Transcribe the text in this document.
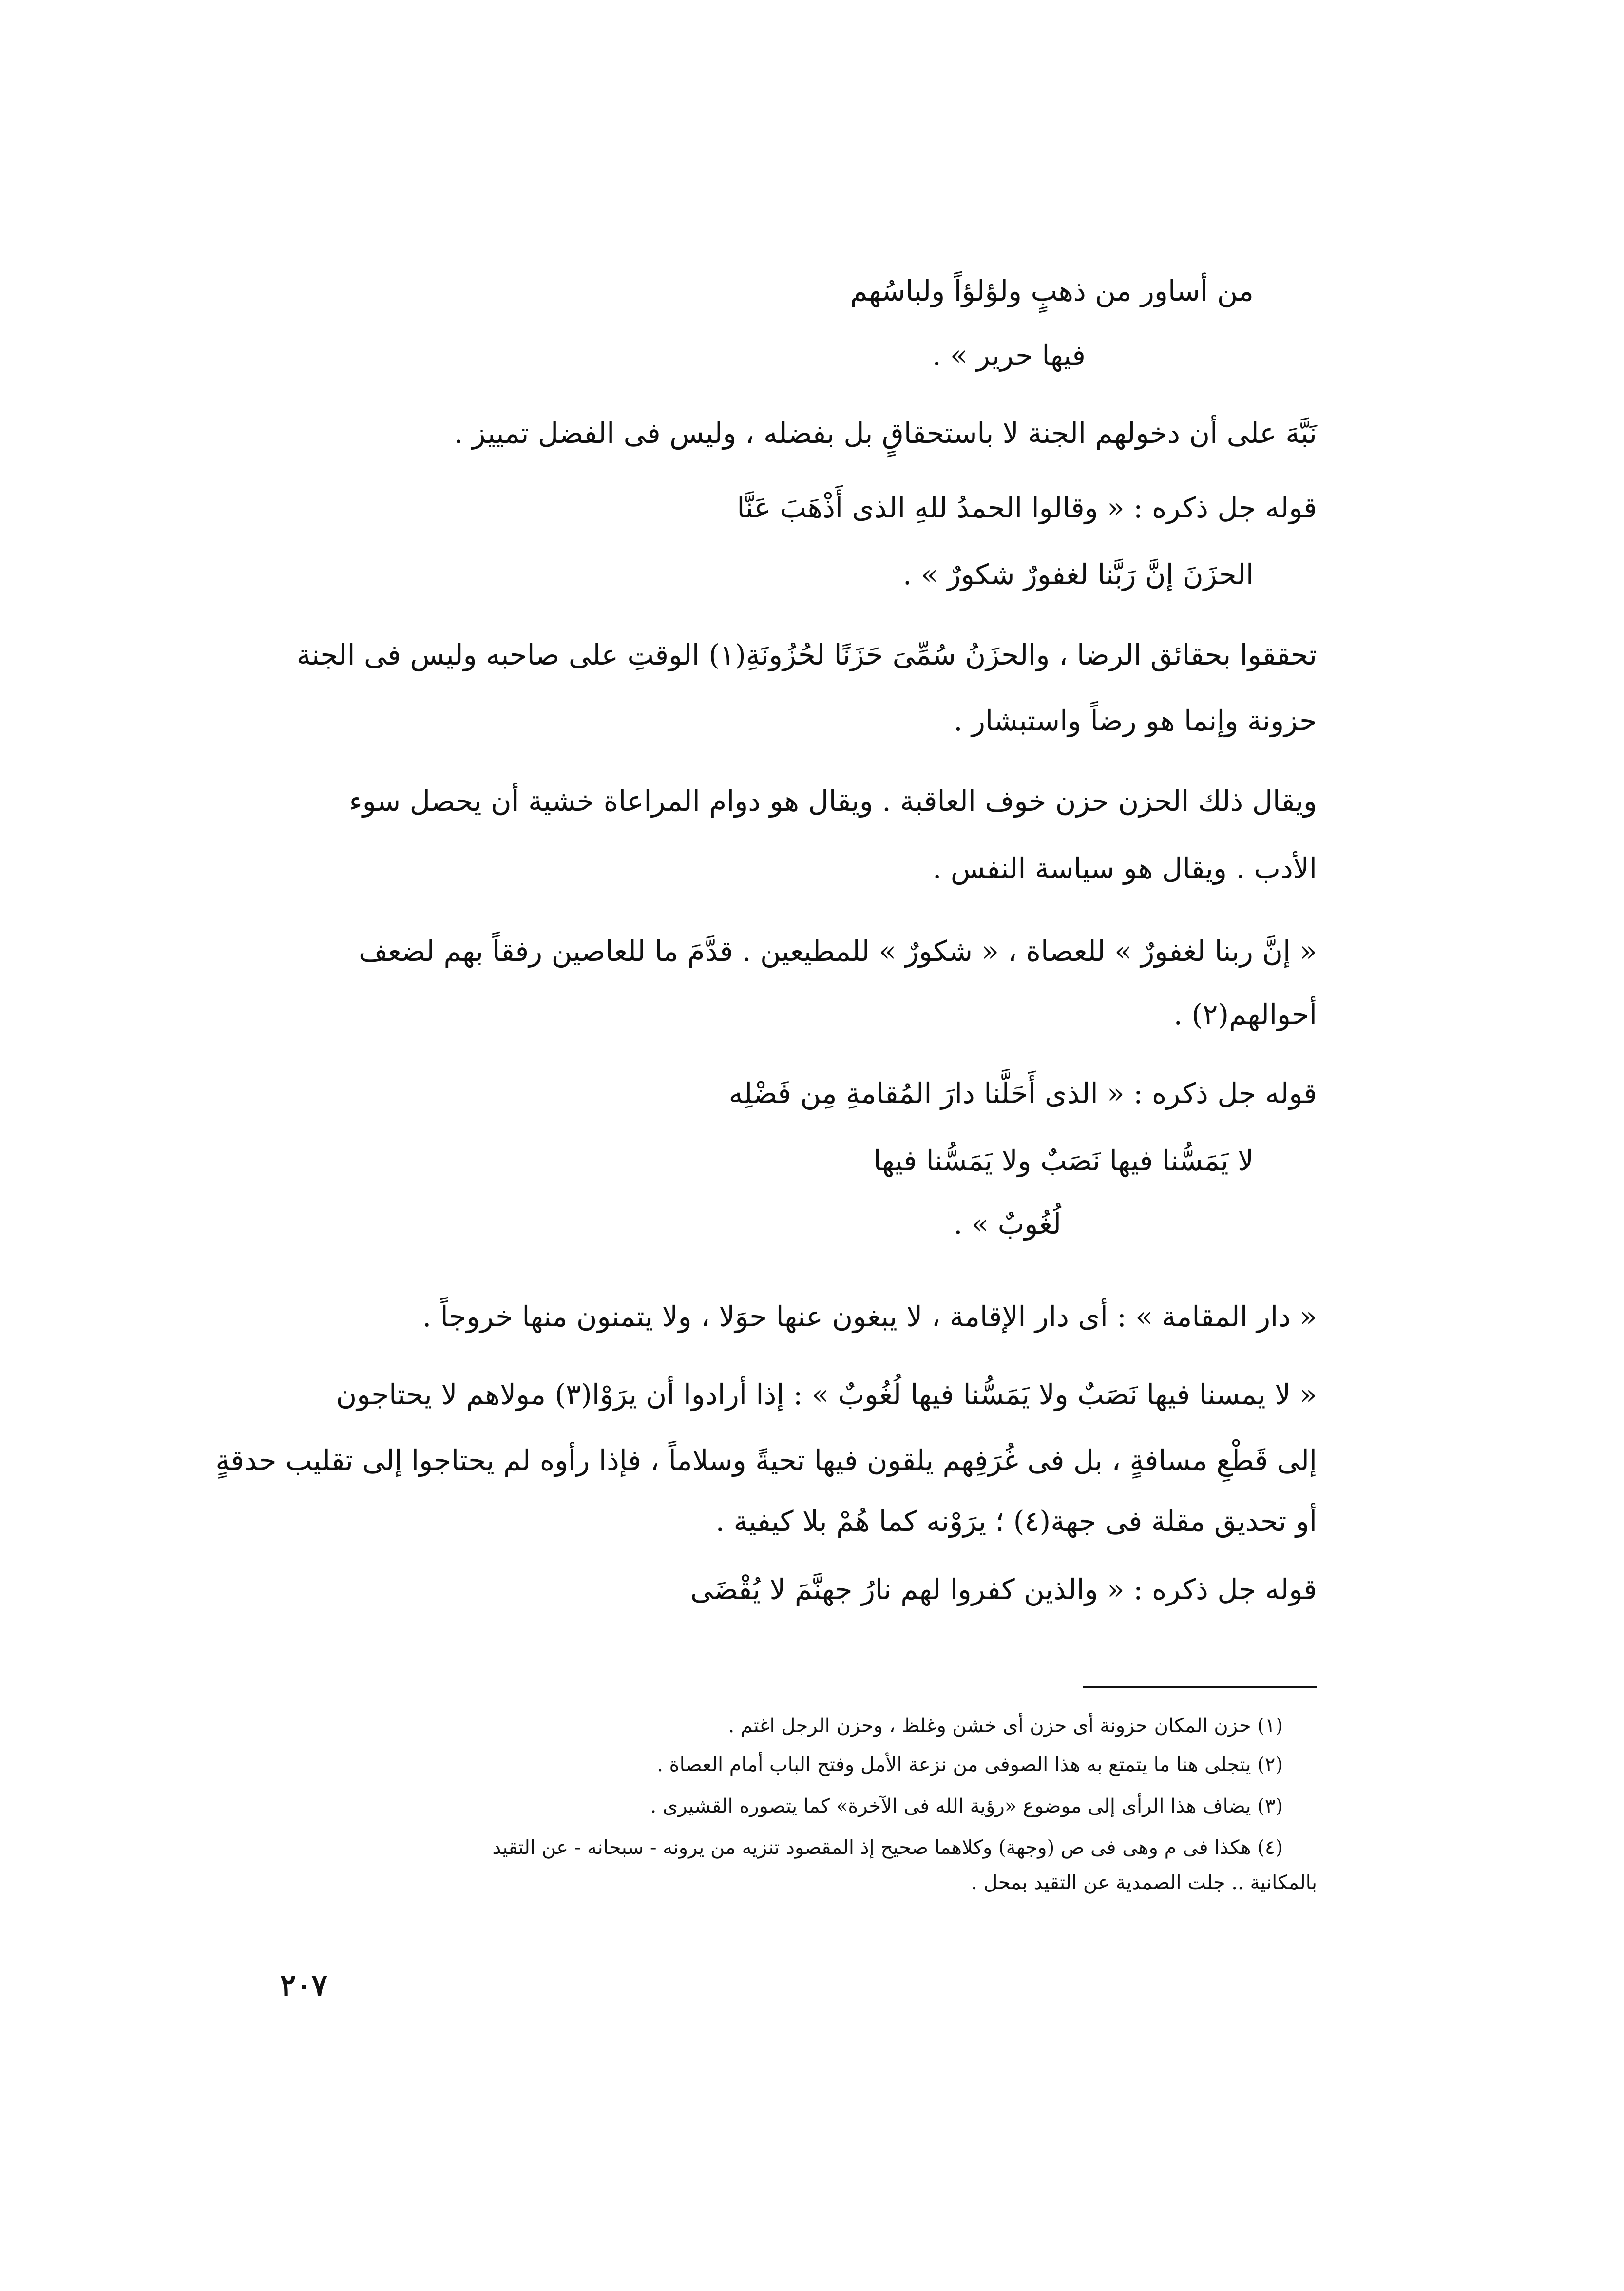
من أساور من ذهبٍ ولؤلؤاً ولباسُهم
فيها حرير » .
نَبَّهَ على أن دخولهم الجنة لا باستحقاقٍ بل بفضله ، وليس فى الفضل تمييز .
قوله جل ذكره : « وقالوا الحمدُ للهِ الذى أَذْهَبَ عَنَّا
الحزَنَ إنَّ رَبَّنا لغفورٌ شكورٌ » .
تحققوا بحقائق الرضا ، والحزَنُ سُمِّىَ حَزَنًا لحُزُونَةِ(١) الوقتِ على صاحبه وليس فى الجنة
حزونة وإنما هو رضاً واستبشار .
ويقال ذلك الحزن حزن خوف العاقبة . ويقال هو دوام المراعاة خشية أن يحصل سوء
الأدب . ويقال هو سياسة النفس .
« إنَّ ربنا لغفورٌ » للعصاة ، « شكورٌ » للمطيعين . قدَّمَ ما للعاصين رفقاً بهم لضعف
أحوالهم(٢) .
قوله جل ذكره : « الذى أَحَلَّنا دارَ المُقامةِ مِن فَضْلِه
لا يَمَسُّنا فيها نَصَبٌ ولا يَمَسُّنا فيها
لُغُوبٌ » .
« دار المقامة » : أى دار الإقامة ، لا يبغون عنها حوَلا ، ولا يتمنون منها خروجاً .
« لا يمسنا فيها نَصَبٌ ولا يَمَسُّنا فيها لُغُوبٌ » : إذا أرادوا أن يرَوْا(٣) مولاهم لا يحتاجون
إلى قَطْعِ مسافةٍ ، بل فى غُرَفِهم يلقون فيها تحيةً وسلاماً ، فإذا رأوه لم يحتاجوا إلى تقليب حدقةٍ
أو تحديق مقلة فى جهة(٤) ؛ يرَوْنه كما هُمْ بلا كيفية .
قوله جل ذكره : « والذين كفروا لهم نارُ جهنَّمَ لا يُقْضَى
(١) حزن المكان حزونة أى حزن أى خشن وغلظ ، وحزن الرجل اغتم .
(٢) يتجلى هنا ما يتمتع به هذا الصوفى من نزعة الأمل وفتح الباب أمام العصاة .
(٣) يضاف هذا الرأى إلى موضوع «رؤية الله فى الآخرة» كما يتصوره القشيرى .
(٤) هكذا فى م وهى فى ص (وجهة) وكلاهما صحيح إذ المقصود تنزيه من يرونه - سبحانه - عن التقيد
بالمكانية .. جلت الصمدية عن التقيد بمحل .
٢٠٧
